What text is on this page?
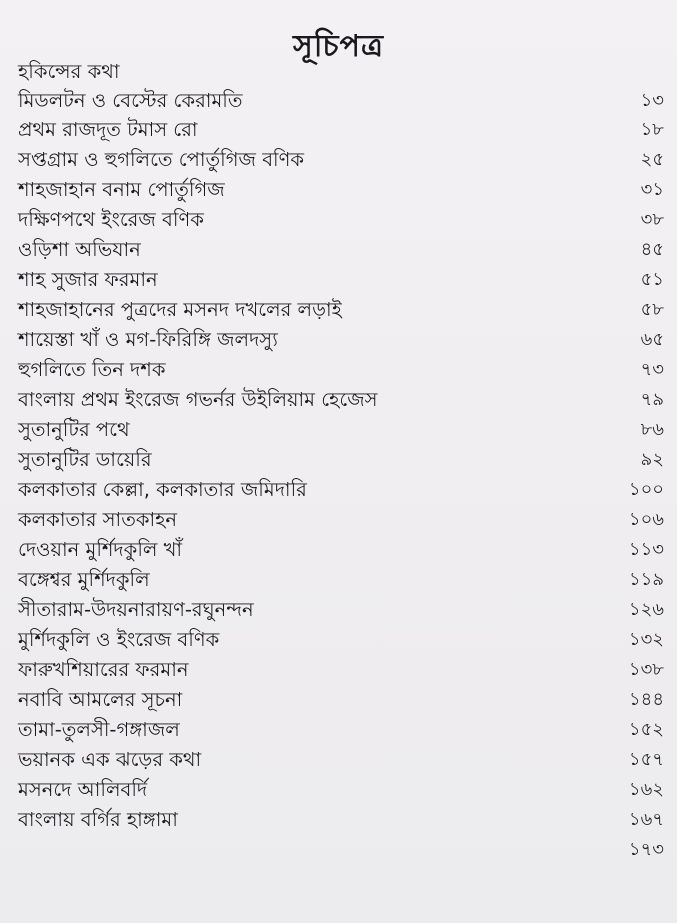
সূচিপত্র
হকিন্সের কথা
মিডলটন ও বেস্টের কেরামতি	১৩
প্রথম রাজদূত টমাস রো	১৮
সপ্তগ্রাম ও হুগলিতে পোর্তুগিজ বণিক	২৫
শাহজাহান বনাম পোর্তুগিজ	৩১
দক্ষিণপথে ইংরেজ বণিক	৩৮
ওড়িশা অভিযান	৪৫
শাহ সুজার ফরমান	৫১
শাহজাহানের পুত্রদের মসনদ দখলের লড়াই	৫৮
শায়েস্তা খাঁ ও মগ-ফিরিঙ্গি জলদস্যু	৬৫
হুগলিতে তিন দশক	৭৩
বাংলায় প্রথম ইংরেজ গভর্নর উইলিয়াম হেজেস	৭৯
সুতানুটির পথে	৮৬
সুতানুটির ডায়েরি	৯২
কলকাতার কেল্লা, কলকাতার জমিদারি	১০০
কলকাতার সাতকাহন	১০৬
দেওয়ান মুর্শিদকুলি খাঁ	১১৩
বঙ্গেশ্বর মুর্শিদকুলি	১১৯
সীতারাম-উদয়নারায়ণ-রঘুনন্দন	১২৬
মুর্শিদকুলি ও ইংরেজ বণিক	১৩২
ফারুখশিয়ারের ফরমান	১৩৮
নবাবি আমলের সূচনা	১৪৪
তামা-তুলসী-গঙ্গাজল	১৫২
ভয়ানক এক ঝড়ের কথা	১৫৭
মসনদে আলিবর্দি	১৬২
বাংলায় বর্গির হাঙ্গামা	১৬৭
১৭৩
